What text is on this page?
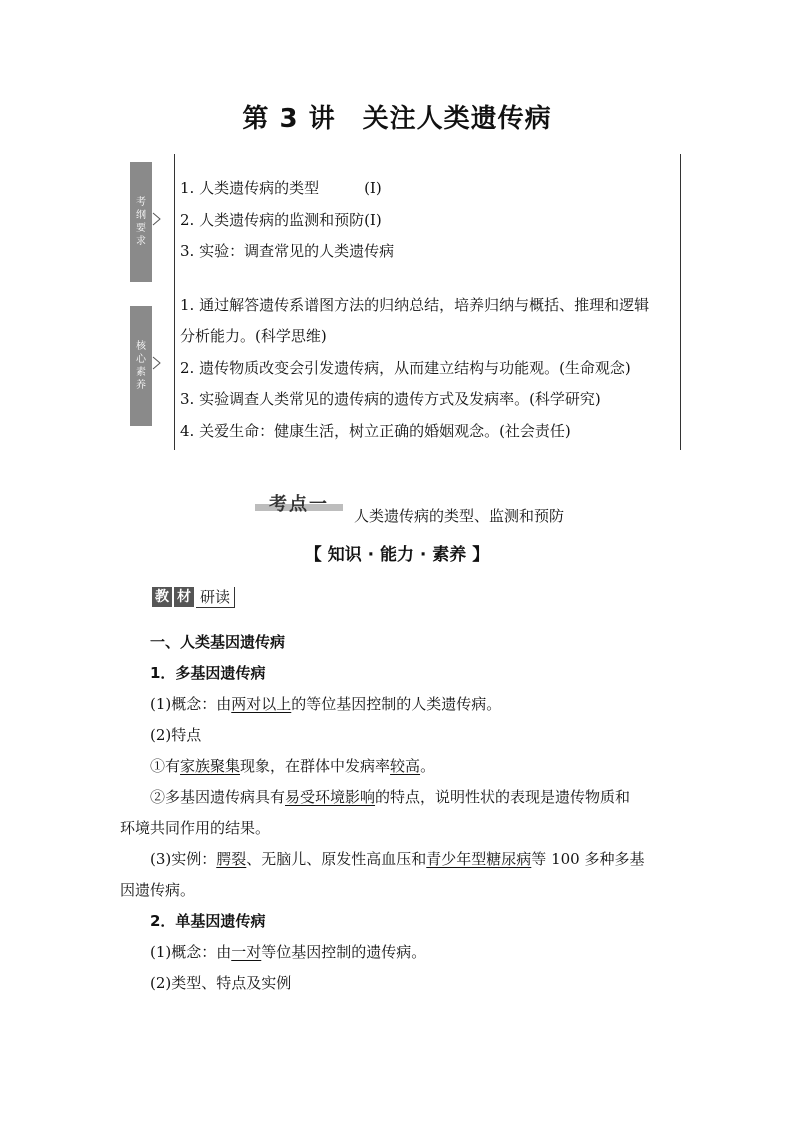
第 3 讲　关注人类遗传病
考纲要求
1. 人类遗传病的类型　　　(Ⅰ)
2. 人类遗传病的监测和预防(Ⅰ)
3. 实验：调查常见的人类遗传病
核心素养
1. 通过解答遗传系谱图方法的归纳总结，培养归纳与概括、推理和逻辑
分析能力。(科学思维)
2. 遗传物质改变会引发遗传病，从而建立结构与功能观。(生命观念)
3. 实验调查人类常见的遗传病的遗传方式及发病率。(科学研究)
4. 关爱生命：健康生活，树立正确的婚姻观念。(社会责任)
考点一
人类遗传病的类型、监测和预防
【 知识 · 能力 · 素养 】
教 材 研读
一、人类基因遗传病
1．多基因遗传病
(1)概念：由两对以上的等位基因控制的人类遗传病。
(2)特点
①有家族聚集现象，在群体中发病率较高。
②多基因遗传病具有易受环境影响的特点，说明性状的表现是遗传物质和
环境共同作用的结果。
(3)实例：腭裂、无脑儿、原发性高血压和青少年型糖尿病等 100 多种多基
因遗传病。
2．单基因遗传病
(1)概念：由一对等位基因控制的遗传病。
(2)类型、特点及实例
